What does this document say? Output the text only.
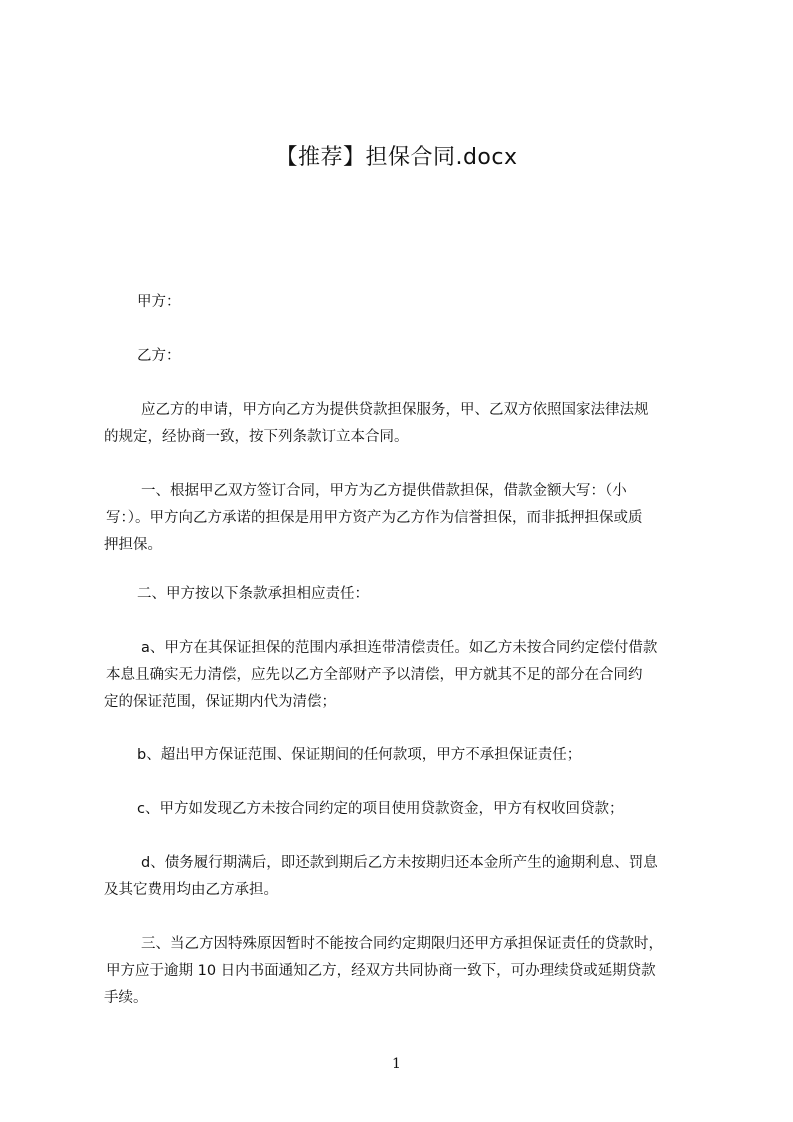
【推荐】担保合同.docx
甲方：
乙方：
应乙方的申请，甲方向乙方为提供贷款担保服务，甲、乙双方依照国家法律法规
的规定，经协商一致，按下列条款订立本合同。
一、根据甲乙双方签订合同，甲方为乙方提供借款担保，借款金额大写：（小
写：）。甲方向乙方承诺的担保是用甲方资产为乙方作为信誉担保，而非抵押担保或质
押担保。
二、甲方按以下条款承担相应责任：
a、甲方在其保证担保的范围内承担连带清偿责任。如乙方未按合同约定偿付借款
本息且确实无力清偿，应先以乙方全部财产予以清偿，甲方就其不足的部分在合同约
定的保证范围，保证期内代为清偿；
b、超出甲方保证范围、保证期间的任何款项，甲方不承担保证责任；
c、甲方如发现乙方未按合同约定的项目使用贷款资金，甲方有权收回贷款；
d、债务履行期满后，即还款到期后乙方未按期归还本金所产生的逾期利息、罚息
及其它费用均由乙方承担。
三、当乙方因特殊原因暂时不能按合同约定期限归还甲方承担保证责任的贷款时，
甲方应于逾期 10 日内书面通知乙方，经双方共同协商一致下，可办理续贷或延期贷款
手续。
1
